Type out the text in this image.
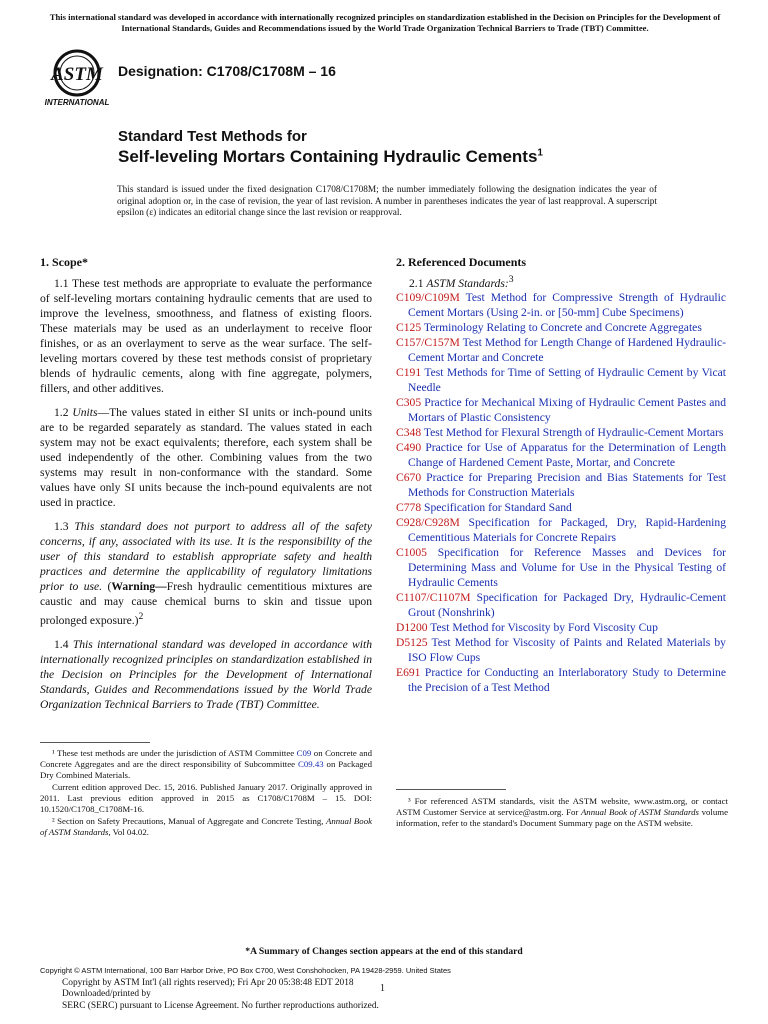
This international standard was developed in accordance with internationally recognized principles on standardization established in the Decision on Principles for the Development of International Standards, Guides and Recommendations issued by the World Trade Organization Technical Barriers to Trade (TBT) Committee.
ASTM
INTERNATIONAL
Designation: C1708/C1708M – 16
Standard Test Methods for
Self-leveling Mortars Containing Hydraulic Cements$^1$
This standard is issued under the fixed designation C1708/C1708M; the number immediately following the designation indicates the year of original adoption or, in the case of revision, the year of last revision. A number in parentheses indicates the year of last reapproval. A superscript epsilon (ε) indicates an editorial change since the last revision or reapproval.
1. Scope*

1.1 These test methods are appropriate to evaluate the performance of self-leveling mortars containing hydraulic cements that are used to improve the levelness, smoothness, and flatness of existing floors. These materials may be used as an underlayment to receive floor finishes, or as an overlayment to serve as the wear surface. The self-leveling mortars covered by these test methods consist of proprietary blends of hydraulic cements, along with fine aggregate, polymers, fillers, and other additives.

1.2 Units—The values stated in either SI units or inch-pound units are to be regarded separately as standard. The values stated in each system may not be exact equivalents; therefore, each system shall be used independently of the other. Combining values from the two systems may result in non-conformance with the standard. Some values have only SI units because the inch-pound equivalents are not used in practice.

1.3 This standard does not purport to address all of the safety concerns, if any, associated with its use. It is the responsibility of the user of this standard to establish appropriate safety and health practices and determine the applicability of regulatory limitations prior to use. (Warning—Fresh hydraulic cementitious mixtures are caustic and may cause chemical burns to skin and tissue upon prolonged exposure.)$^2$

1.4 This international standard was developed in accordance with internationally recognized principles on standardization established in the Decision on Principles for the Development of International Standards, Guides and Recommendations issued by the World Trade Organization Technical Barriers to Trade (TBT) Committee.

2. Referenced Documents
2.1 ASTM Standards:$^3$

C109/C109M Test Method for Compressive Strength of Hydraulic Cement Mortars (Using 2-in. or [50-mm] Cube Specimens)

C125 Terminology Relating to Concrete and Concrete Aggregates

C157/C157M Test Method for Length Change of Hardened Hydraulic-Cement Mortar and Concrete

C191 Test Methods for Time of Setting of Hydraulic Cement by Vicat Needle

C305 Practice for Mechanical Mixing of Hydraulic Cement Pastes and Mortars of Plastic Consistency

C348 Test Method for Flexural Strength of Hydraulic-Cement Mortars

C490 Practice for Use of Apparatus for the Determination of Length Change of Hardened Cement Paste, Mortar, and Concrete

C670 Practice for Preparing Precision and Bias Statements for Test Methods for Construction Materials

C778 Specification for Standard Sand

C928/C928M Specification for Packaged, Dry, Rapid-Hardening Cementitious Materials for Concrete Repairs

C1005 Specification for Reference Masses and Devices for Determining Mass and Volume for Use in the Physical Testing of Hydraulic Cements

C1107/C1107M Specification for Packaged Dry, Hydraulic-Cement Grout (Nonshrink)

D1200 Test Method for Viscosity by Ford Viscosity Cup

D5125 Test Method for Viscosity of Paints and Related Materials by ISO Flow Cups

E691 Practice for Conducting an Interlaboratory Study to Determine the Precision of a Test Method

¹ These test methods are under the jurisdiction of ASTM Committee C09 on Concrete and Concrete Aggregates and are the direct responsibility of Subcommittee C09.43 on Packaged Dry Combined Materials.

Current edition approved Dec. 15, 2016. Published January 2017. Originally approved in 2011. Last previous edition approved in 2015 as C1708/C1708M – 15. DOI: 10.1520/C1708_C1708M-16.

² Section on Safety Precautions, Manual of Aggregate and Concrete Testing, Annual Book of ASTM Standards, Vol 04.02.

³ For referenced ASTM standards, visit the ASTM website, www.astm.org, or contact ASTM Customer Service at service@astm.org. For Annual Book of ASTM Standards volume information, refer to the standard's Document Summary page on the ASTM website.

*A Summary of Changes section appears at the end of this standard
Copyright © ASTM International, 100 Barr Harbor Drive, PO Box C700, West Conshohocken, PA 19428-2959. United States
Copyright by ASTM Int'l (all rights reserved); Fri Apr 20 05:38:48 EDT 2018
Downloaded/printed by
SERC (SERC) pursuant to License Agreement. No further reproductions authorized.
1
